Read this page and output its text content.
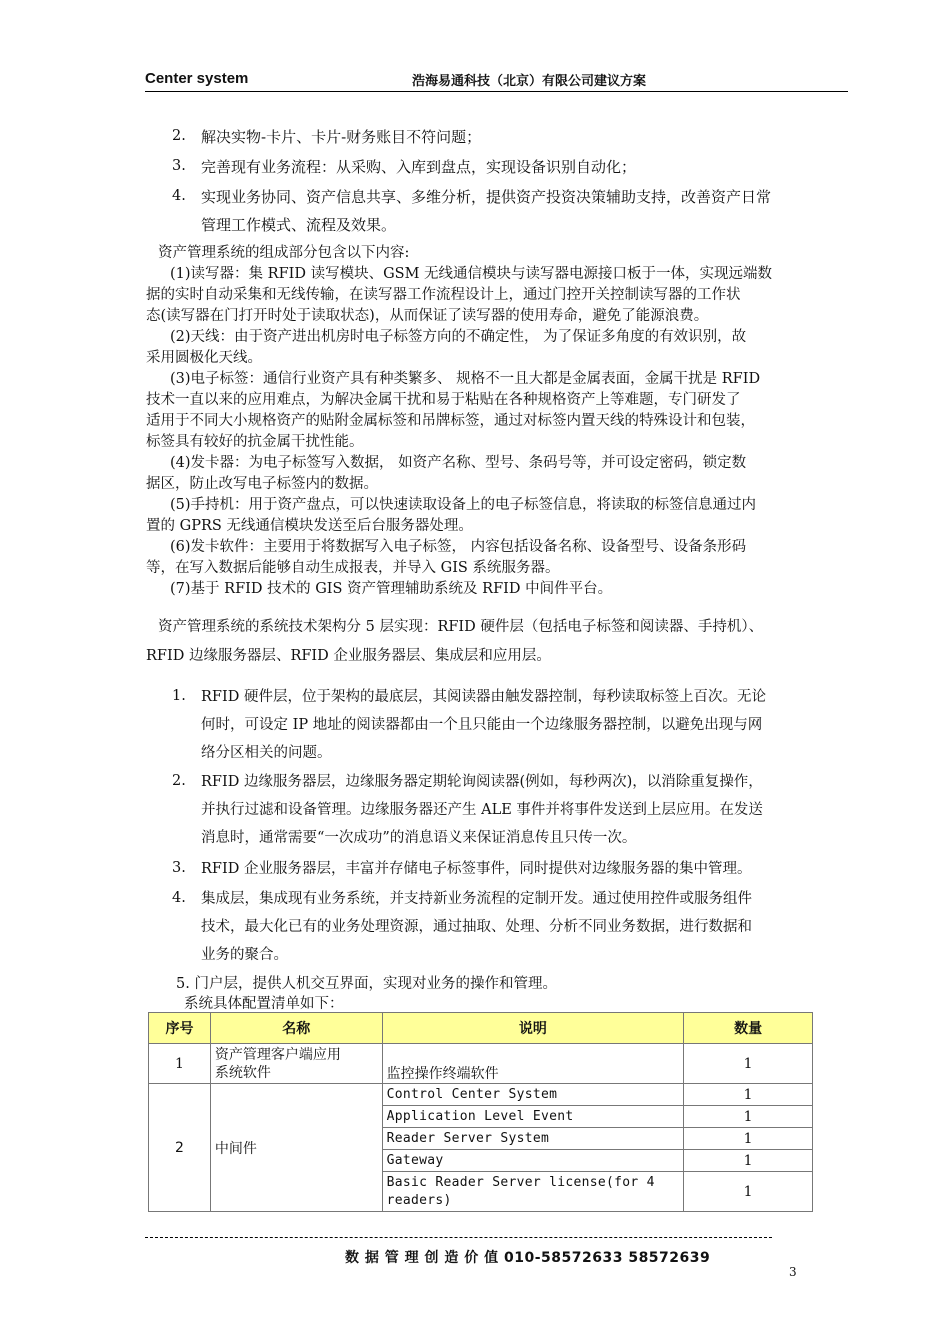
Center system	浩海易通科技（北京）有限公司建议方案
2. 解决实物-卡片、卡片-财务账目不符问题；
3. 完善现有业务流程：从采购、入库到盘点，实现设备识别自动化；
4. 实现业务协同、资产信息共享、多维分析，提供资产投资决策辅助支持，改善资产日常
管理工作模式、流程及效果。
资产管理系统的组成部分包含以下内容:
(1)读写器：集 RFID 读写模块、GSM 无线通信模块与读写器电源接口板于一体，实现远端数
据的实时自动采集和无线传输，在读写器工作流程设计上，通过门控开关控制读写器的工作状
态(读写器在门打开时处于读取状态)，从而保证了读写器的使用寿命，避免了能源浪费。
(2)天线：由于资产进出机房时电子标签方向的不确定性， 为了保证多角度的有效识别，故
采用圆极化天线。
(3)电子标签：通信行业资产具有种类繁多、 规格不一且大都是金属表面，金属干扰是 RFID
技术一直以来的应用难点，为解决金属干扰和易于粘贴在各种规格资产上等难题，专门研发了
适用于不同大小规格资产的贴附金属标签和吊牌标签，通过对标签内置天线的特殊设计和包装，
标签具有较好的抗金属干扰性能。
(4)发卡器：为电子标签写入数据， 如资产名称、型号、条码号等，并可设定密码，锁定数
据区，防止改写电子标签内的数据。
(5)手持机：用于资产盘点，可以快速读取设备上的电子标签信息，将读取的标签信息通过内
置的 GPRS 无线通信模块发送至后台服务器处理。
(6)发卡软件：主要用于将数据写入电子标签， 内容包括设备名称、设备型号、设备条形码
等，在写入数据后能够自动生成报表，并导入 GIS 系统服务器。
(7)基于 RFID 技术的 GIS 资产管理辅助系统及 RFID 中间件平台。
资产管理系统的系统技术架构分 5 层实现：RFID 硬件层（包括电子标签和阅读器、手持机）、
RFID 边缘服务器层、RFID 企业服务器层、集成层和应用层。
1. RFID 硬件层，位于架构的最底层，其阅读器由触发器控制，每秒读取标签上百次。无论
何时，可设定 IP 地址的阅读器都由一个且只能由一个边缘服务器控制，以避免出现与网
络分区相关的问题。
2. RFID 边缘服务器层，边缘服务器定期轮询阅读器(例如，每秒两次)，以消除重复操作，
并执行过滤和设备管理。边缘服务器还产生 ALE 事件并将事件发送到上层应用。在发送
消息时，通常需要“一次成功”的消息语义来保证消息传且只传一次。
3. RFID 企业服务器层，丰富并存储电子标签事件，同时提供对边缘服务器的集中管理。
4. 集成层，集成现有业务系统，并支持新业务流程的定制开发。通过使用控件或服务组件
技术，最大化已有的业务处理资源，通过抽取、处理、分析不同业务数据，进行数据和
业务的聚合。
5. 门户层，提供人机交互界面，实现对业务的操作和管理。
系统具体配置清单如下：
序号	名称	说明	数量
1	资产管理客户端应用
系统软件	监控操作终端软件	1
2	中间件	Control Center System	1
		Application Level Event	1
		Reader Server System	1
		Gateway	1

		Basic Reader Server license(for 4
readers)	1
数 据 管 理 创 造 价 值 010-58572633 58572639
3
